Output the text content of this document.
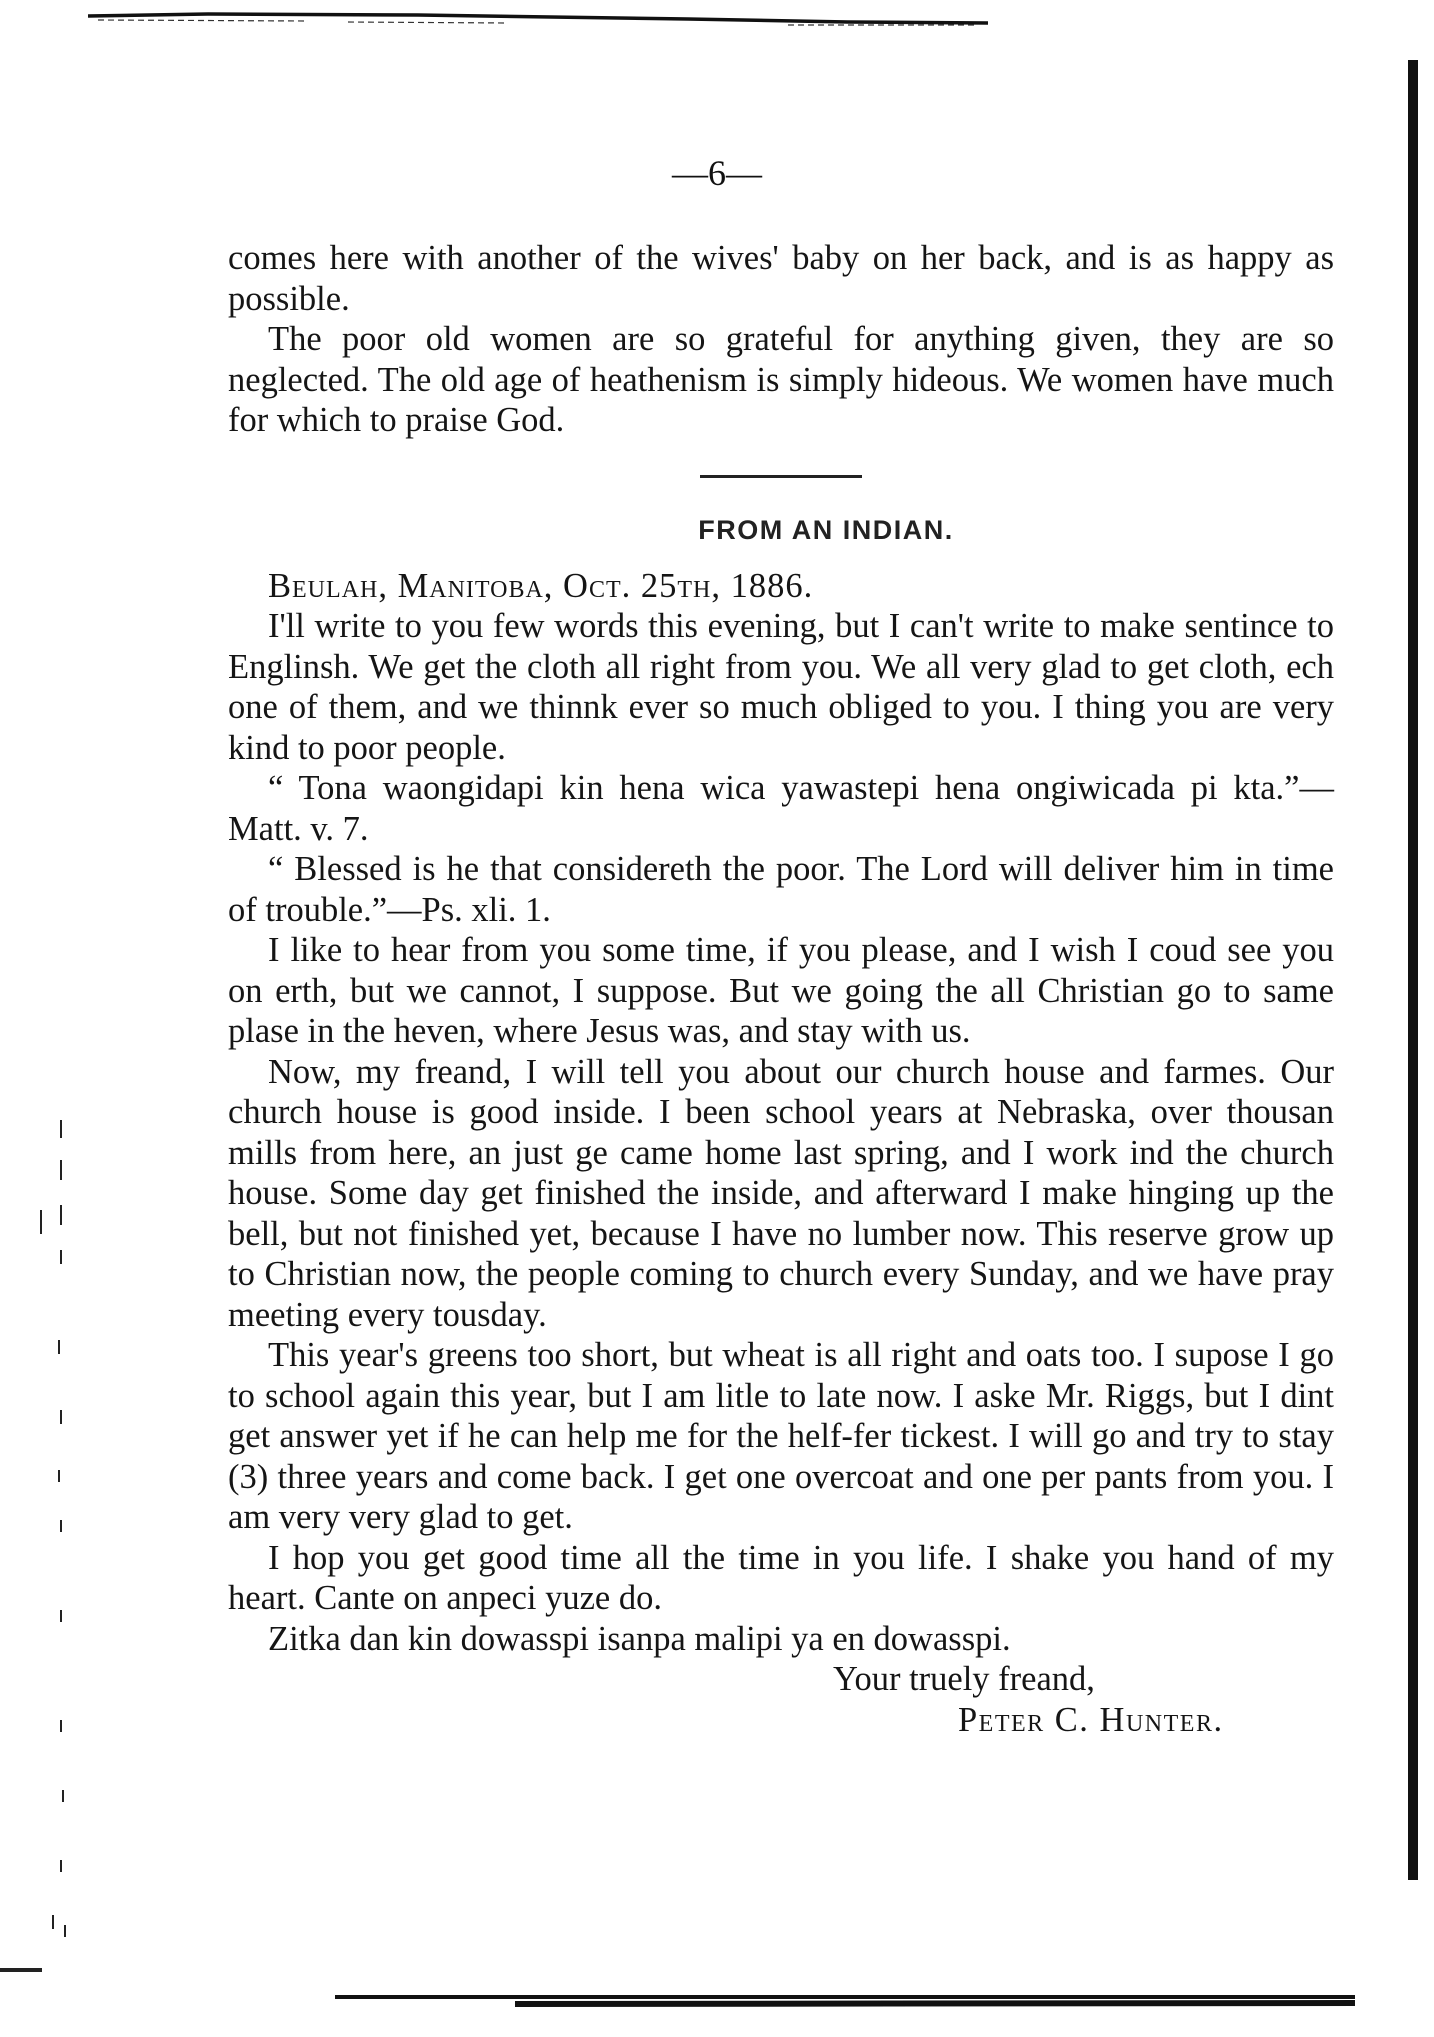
—6—

comes here with another of the wives' baby on her back, and is as happy as possible.

The poor old women are so grateful for anything given, they are so neglected. The old age of heathenism is simply hideous. We women have much for which to praise God.

FROM AN INDIAN.

Beulah, Manitoba, Oct. 25th, 1886.

I'll write to you few words this evening, but I can't write to make sentince to Englinsh. We get the cloth all right from you. We all very glad to get cloth, ech one of them, and we thinnk ever so much obliged to you. I thing you are very kind to poor people.

“ Tona waongidapi kin hena wica yawastepi hena ongiwicada pi kta.”—Matt. v. 7.

“ Blessed is he that considereth the poor. The Lord will deliver him in time of trouble.”—Ps. xli. 1.

I like to hear from you some time, if you please, and I wish I coud see you on erth, but we cannot, I suppose. But we going the all Christian go to same plase in the heven, where Jesus was, and stay with us.

Now, my freand, I will tell you about our church house and farmes. Our church house is good inside. I been school years at Nebraska, over thousan mills from here, an just ge came home last spring, and I work ind the church house. Some day get finished the inside, and afterward I make hinging up the bell, but not finished yet, because I have no lumber now. This reserve grow up to Christian now, the people coming to church every Sunday, and we have pray meeting every tousday.

This year's greens too short, but wheat is all right and oats too. I supose I go to school again this year, but I am litle to late now. I aske Mr. Riggs, but I dint get answer yet if he can help me for the helf-fer tickest. I will go and try to stay (3) three years and come back. I get one overcoat and one per pants from you. I am very very glad to get.

I hop you get good time all the time in you life. I shake you hand of my heart. Cante on anpeci yuze do.

Zitka dan kin dowasspi isanpa malipi ya en dowasspi.

Your truely freand,

Peter C. Hunter.
